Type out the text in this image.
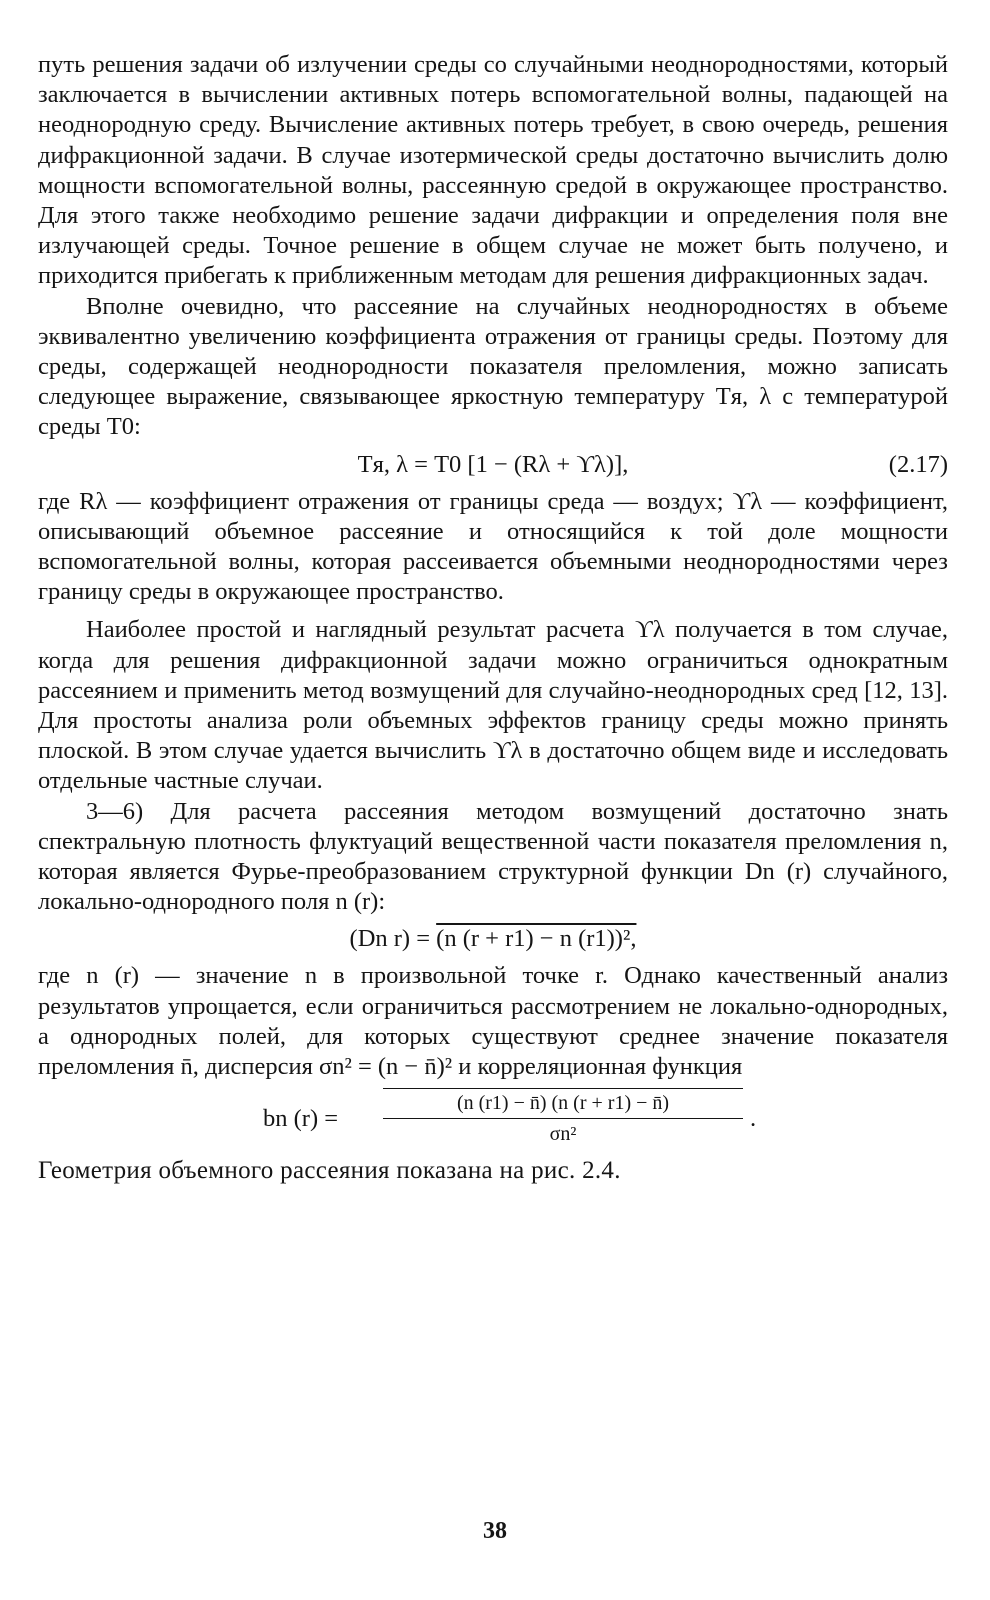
путь решения задачи об излучении среды со случайными неоднородностями, который заключается в вычислении активных потерь вспомогательной волны, падающей на неоднородную среду. Вычисление активных потерь требует, в свою очередь, решения дифракционной задачи. В случае изотермической среды достаточно вычислить долю мощности вспомогательной волны, рассеянную средой в окружающее пространство. Для этого также необходимо решение задачи дифракции и определения поля вне излучающей среды. Точное решение в общем случае не может быть получено, и приходится прибегать к приближенным методам для решения дифракционных задач.

Вполне очевидно, что рассеяние на случайных неоднородностях в объеме эквивалентно увеличению коэффициента отражения от границы среды. Поэтому для среды, содержащей неоднородности показателя преломления, можно записать следующее выражение, связывающее яркостную температуру Tя, λ с температурой среды T0:

Tя, λ = T0 [1 − (Rλ + ϒλ)],	(2.17)

где Rλ — коэффициент отражения от границы среда — воздух; ϒλ — коэффициент, описывающий объемное рассеяние и относящийся к той доле мощности вспомогательной волны, которая рассеивается объемными неоднородностями через границу среды в окружающее пространство.

Наиболее простой и наглядный результат расчета ϒλ получается в том случае, когда для решения дифракционной задачи можно ограничиться однократным рассеянием и применить метод возмущений для случайно-неоднородных сред [12, 13]. Для простоты анализа роли объемных эффектов границу среды можно принять плоской. В этом случае удается вычислить ϒλ в достаточно общем виде и исследовать отдельные частные случаи.

3—6) Для расчета рассеяния методом возмущений достаточно знать спектральную плотность флуктуаций вещественной части показателя преломления n, которая является Фурье-преобразованием структурной функции Dn (r) случайного, локально-однородного поля n (r):

(Dn r) = (n (r + r1) − n (r1))²,

где n (r) — значение n в произвольной точке r. Однако качественный анализ результатов упрощается, если ограничиться рассмотрением не локально-однородных, а однородных полей, для которых существуют среднее значение показателя преломления n̄, дисперсия σn² = (n − n̄)² и корреляционная функция

bn $(r) = \frac{(n (r1) - n̄) (n (r + r1) - n̄)}{\text{σn²}}$ .

Геометрия объемного рассеяния показана на рис. 2.4.

38
